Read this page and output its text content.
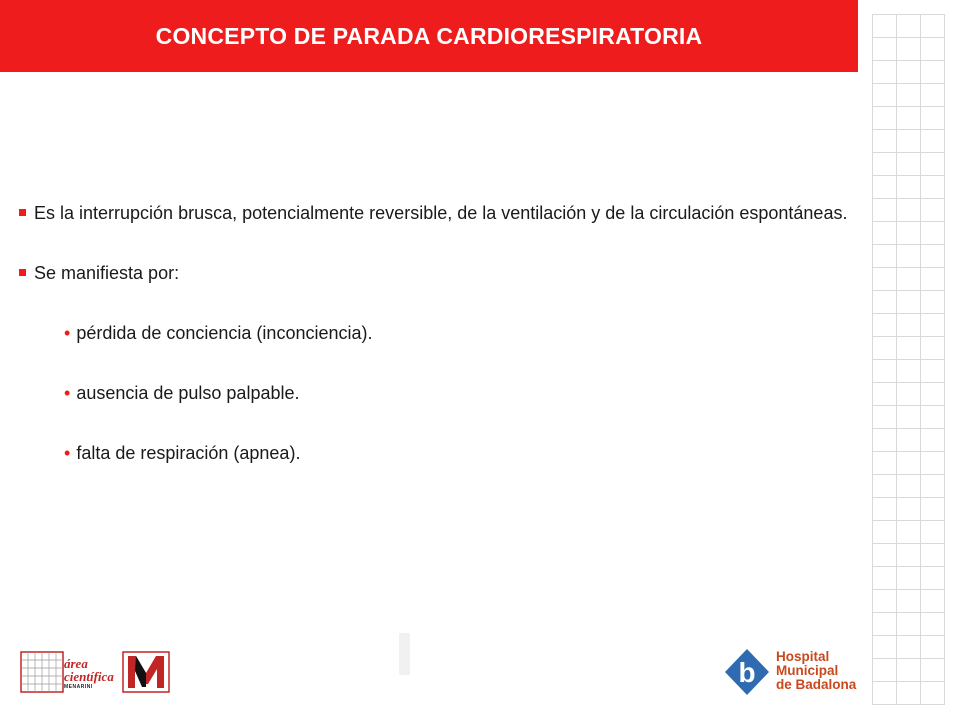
CONCEPTO DE PARADA CARDIORESPIRATORIA

Es la interrupción brusca, potencialmente reversible, de la ventilación y de la circulación espontáneas.

Se manifiesta por:

• pérdida de conciencia (inconciencia).

• ausencia de pulso palpable.

• falta de respiración (apnea).

área
científica
MENARINI	b
Hospital
Municipal
de Badalona
